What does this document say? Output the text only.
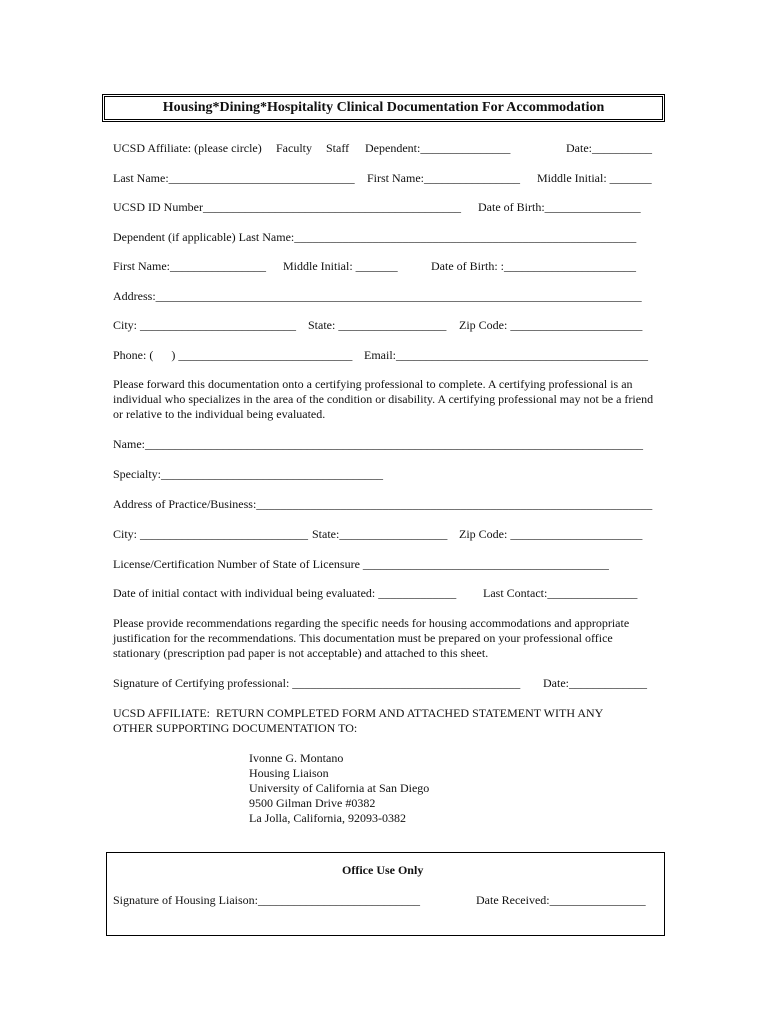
Housing*Dining*Hospitality Clinical Documentation For Accommodation
UCSD Affiliate: (please circle) Faculty Staff Dependent:_______________	Date:__________
Last Name:_______________________________ First Name:________________ Middle Initial: _______
UCSD ID Number___________________________________________ Date of Birth:________________
Dependent (if applicable) Last Name:_________________________________________________________
First Name:________________ Middle Initial: _______	Date of Birth: :______________________
Address:_________________________________________________________________________________
City: __________________________ State: __________________ Zip Code: ______________________
Phone: (      ) _____________________________ Email:__________________________________________
Please forward this documentation onto a certifying professional to complete. A certifying professional is an individual who specializes in the area of the condition or disability. A certifying professional may not be a friend or relative to the individual being evaluated.
Name:___________________________________________________________________________________
Specialty:_____________________________________
Address of Practice/Business:__________________________________________________________________
City: ____________________________ State:__________________ Zip Code: ______________________
License/Certification Number of State of Licensure _________________________________________
Date of initial contact with individual being evaluated: _____________ Last Contact:_______________
Please provide recommendations regarding the specific needs for housing accommodations and appropriate justification for the recommendations. This documentation must be prepared on your professional office stationary (prescription pad paper is not acceptable) and attached to this sheet.
Signature of Certifying professional: ______________________________________ Date:_____________
UCSD AFFILIATE:  RETURN COMPLETED FORM AND ATTACHED STATEMENT WITH ANY
OTHER SUPPORTING DOCUMENTATION TO:
Ivonne G. Montano
Housing Liaison
University of California at San Diego
9500 Gilman Drive #0382
La Jolla, California, 92093-0382
Office Use Only
Signature of Housing Liaison:___________________________	Date Received:________________
